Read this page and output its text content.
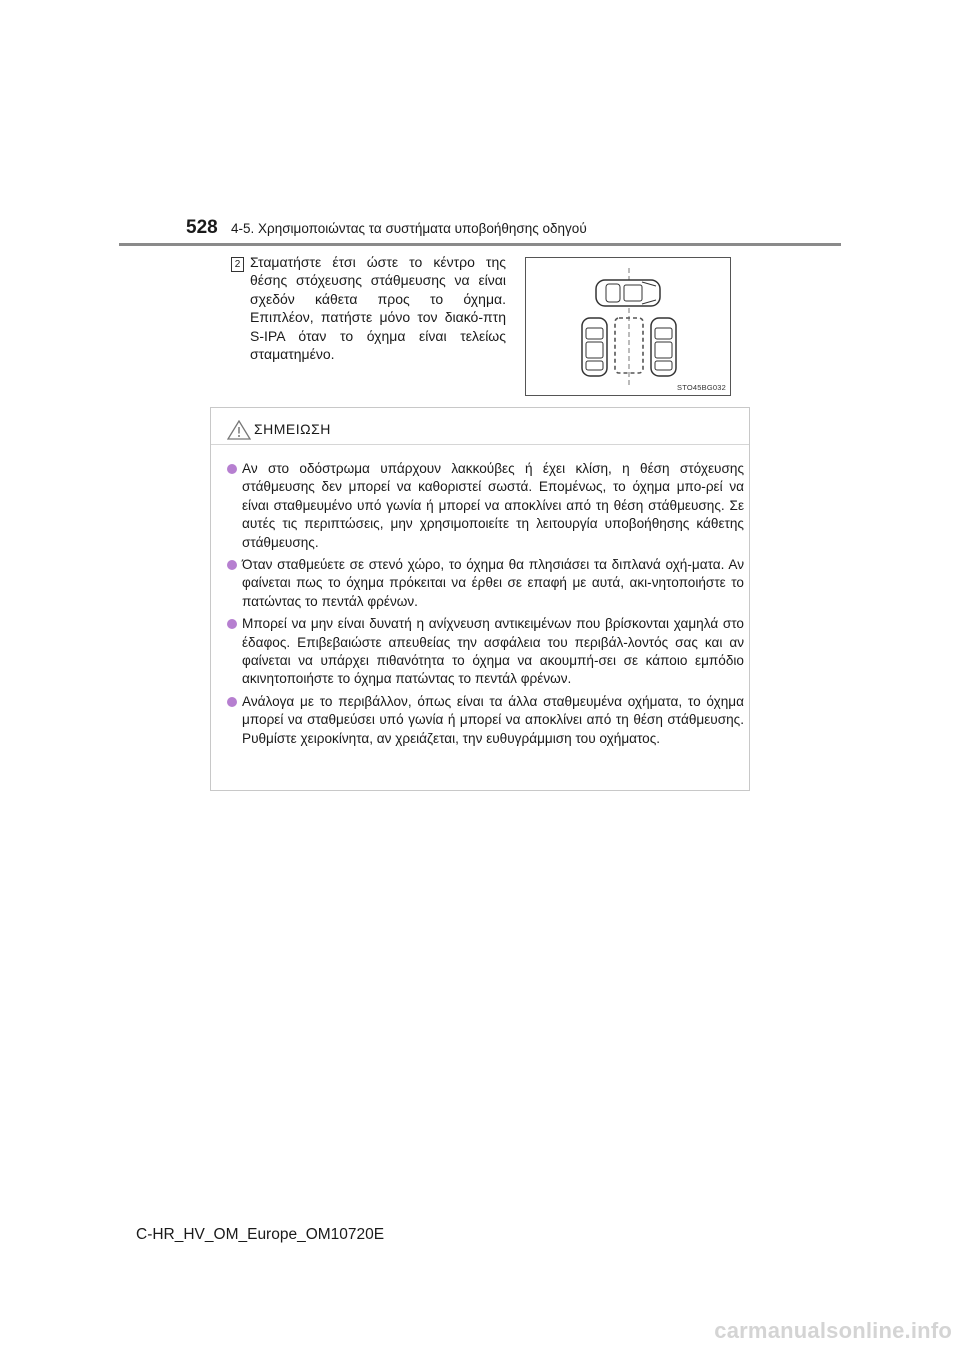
528 4-5. Χρησιμοποιώντας τα συστήματα υποβοήθησης οδηγού
2 Σταματήστε έτσι ώστε το κέντρο της θέσης στόχευσης στάθμευσης να είναι σχεδόν κάθετα προς το όχημα. Επιπλέον, πατήστε μόνο τον διακό-πτη S-IPA όταν το όχημα είναι τελείως σταματημένο.
STO45BG032
ΣΗΜΕΙΩΣΗ
Αν στο οδόστρωμα υπάρχουν λακκούβες ή έχει κλίση, η θέση στόχευσης στάθμευσης δεν μπορεί να καθοριστεί σωστά. Επομένως, το όχημα μπο-ρεί να είναι σταθμευμένο υπό γωνία ή μπορεί να αποκλίνει από τη θέση στάθμευσης. Σε αυτές τις περιπτώσεις, μην χρησιμοποιείτε τη λειτουργία υποβοήθησης κάθετης στάθμευσης.
Όταν σταθμεύετε σε στενό χώρο, το όχημα θα πλησιάσει τα διπλανά οχή-ματα. Αν φαίνεται πως το όχημα πρόκειται να έρθει σε επαφή με αυτά, ακι-νητοποιήστε το πατώντας το πεντάλ φρένων.
Μπορεί να μην είναι δυνατή η ανίχνευση αντικειμένων που βρίσκονται χαμηλά στο έδαφος. Επιβεβαιώστε απευθείας την ασφάλεια του περιβάλ-λοντός σας και αν φαίνεται να υπάρχει πιθανότητα το όχημα να ακουμπή-σει σε κάποιο εμπόδιο ακινητοποιήστε το όχημα πατώντας το πεντάλ φρένων.
Ανάλογα με το περιβάλλον, όπως είναι τα άλλα σταθμευμένα οχήματα, το όχημα μπορεί να σταθμεύσει υπό γωνία ή μπορεί να αποκλίνει από τη θέση στάθμευσης. Ρυθμίστε χειροκίνητα, αν χρειάζεται, την ευθυγράμμιση του οχήματος.
C-HR_HV_OM_Europe_OM10720E
carmanualsonline.info
